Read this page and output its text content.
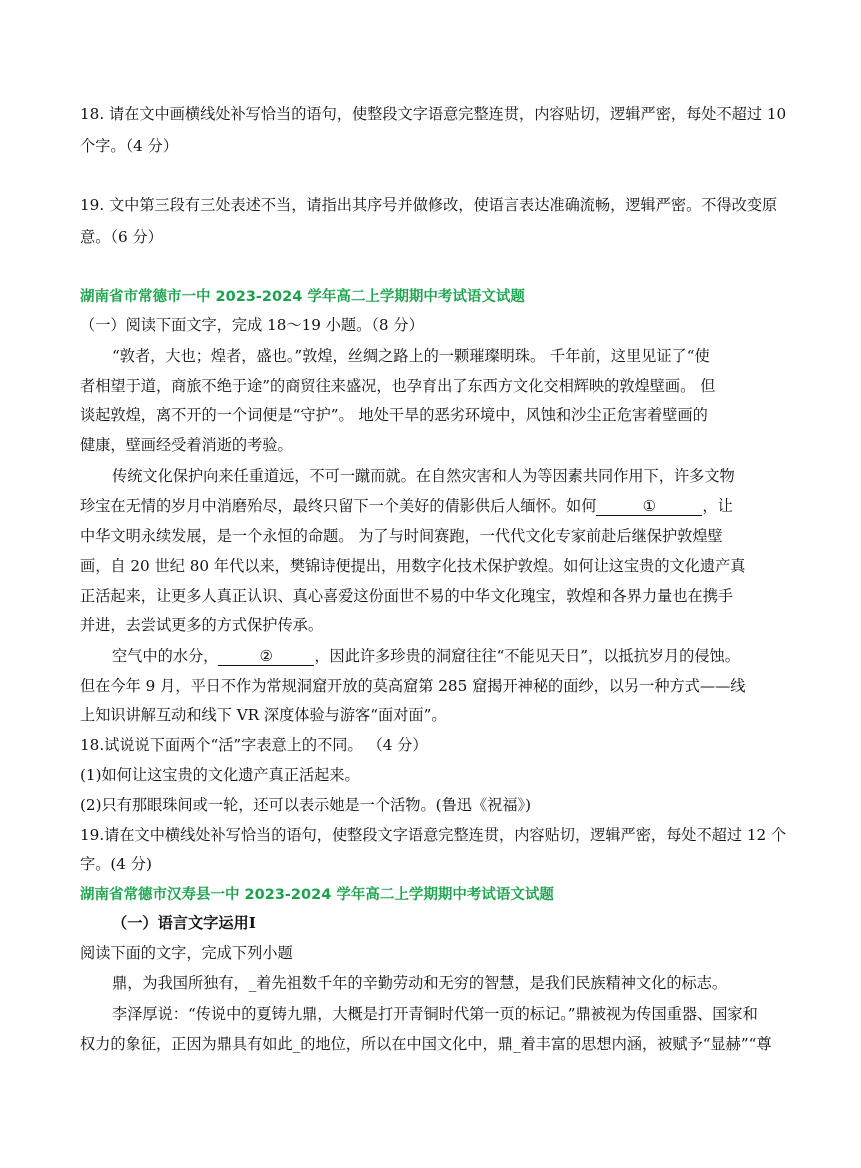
18. 请在文中画横线处补写恰当的语句，使整段文字语意完整连贯，内容贴切，逻辑严密，每处不超过 10

个字。（4 分）

19. 文中第三段有三处表述不当，请指出其序号并做修改，使语言表达准确流畅，逻辑严密。不得改变原

意。（6 分）

湖南省市常德市一中 2023-2024 学年高二上学期期中考试语文试题

（一）阅读下面文字，完成 18～19 小题。（8 分）

“敦者，大也；煌者，盛也。”敦煌，丝绸之路上的一颗璀璨明珠。 千年前，这里见证了“使

者相望于道，商旅不绝于途”的商贸往来盛况，也孕育出了东西方文化交相辉映的敦煌壁画。 但

谈起敦煌，离不开的一个词便是“守护”。 地处干旱的恶劣环境中，风蚀和沙尘正危害着壁画的

健康，壁画经受着消逝的考验。

传统文化保护向来任重道远，不可一蹴而就。在自然灾害和人为等因素共同作用下，许多文物

珍宝在无情的岁月中消磨殆尽，最终只留下一个美好的倩影供后人缅怀。如何	①	，让

中华文明永续发展，是一个永恒的命题。 为了与时间赛跑，一代代文化专家前赴后继保护敦煌壁

画，自 20 世纪 80 年代以来，樊锦诗便提出，用数字化技术保护敦煌。如何让这宝贵的文化遗产真

正活起来，让更多人真正认识、真心喜爱这份面世不易的中华文化瑰宝，敦煌和各界力量也在携手

并进，去尝试更多的方式保护传承。

空气中的水分，	②	，因此许多珍贵的洞窟往往“不能见天日”，以抵抗岁月的侵蚀。

但在今年 9 月，平日不作为常规洞窟开放的莫高窟第 285 窟揭开神秘的面纱，以另一种方式——线

上知识讲解互动和线下 VR 深度体验与游客“面对面”。

18.试说说下面两个“活”字表意上的不同。 （4 分）

(1)如何让这宝贵的文化遗产真正活起来。

(2)只有那眼珠间或一轮，还可以表示她是一个活物。(鲁迅《祝福》)

19.请在文中横线处补写恰当的语句，使整段文字语意完整连贯，内容贴切，逻辑严密，每处不超过 12 个

字。(4 分)

湖南省常德市汉寿县一中 2023-2024 学年高二上学期期中考试语文试题

（一）语言文字运用Ⅰ

阅读下面的文字，完成下列小题

鼎，为我国所独有，_着先祖数千年的辛勤劳动和无穷的智慧，是我们民族精神文化的标志。

李泽厚说：“传说中的夏铸九鼎，大概是打开青铜时代第一页的标记。”鼎被视为传国重器、国家和

权力的象征，正因为鼎具有如此_的地位，所以在中国文化中，鼎_着丰富的思想内涵，被赋予“显赫”“尊
